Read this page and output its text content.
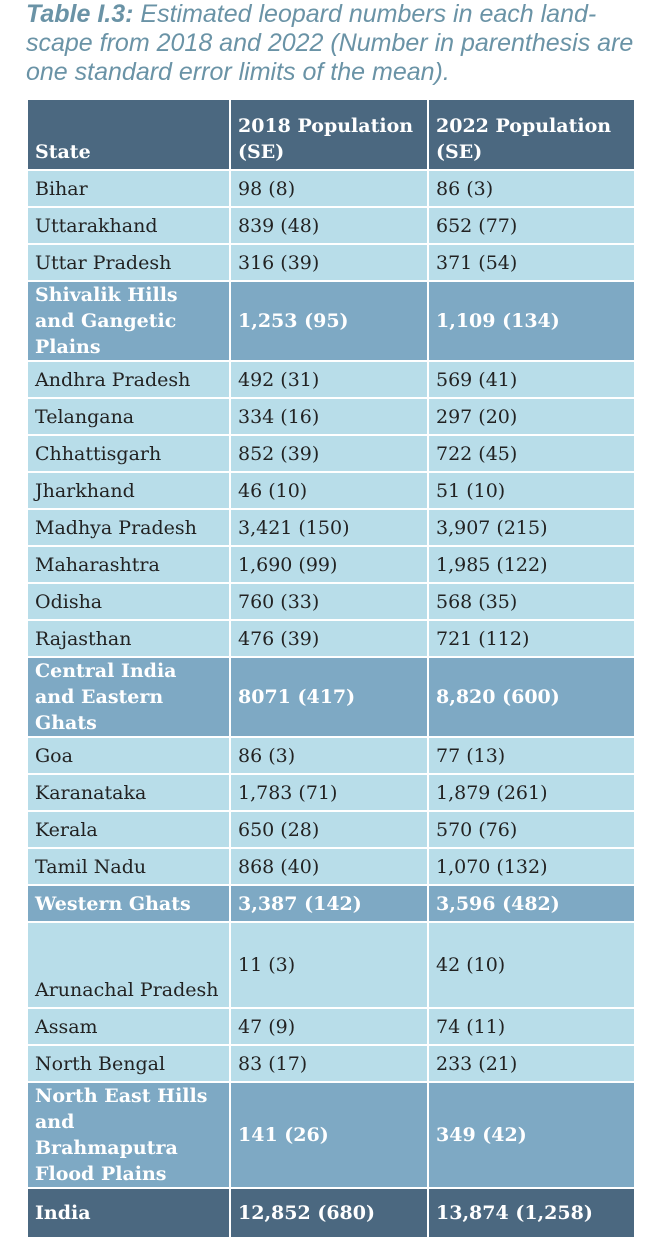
Table I.3: Estimated leopard numbers in each land-scape from 2018 and 2022 (Number in parenthesis are one standard error limits of the mean).

State	2018 Population (SE)	2022 Population (SE)
Bihar	98 (8)	86 (3)
Uttarakhand	839 (48)	652 (77)
Uttar Pradesh	316 (39)	371 (54)
Shivalik Hills and Gangetic Plains	1,253 (95)	1,109 (134)
Andhra Pradesh	492 (31)	569 (41)
Telangana	334 (16)	297 (20)
Chhattisgarh	852 (39)	722 (45)
Jharkhand	46 (10)	51 (10)
Madhya Pradesh	3,421 (150)	3,907 (215)
Maharashtra	1,690 (99)	1,985 (122)
Odisha	760 (33)	568 (35)
Rajasthan	476 (39)	721 (112)
Central India and Eastern Ghats	8071 (417)	8,820 (600)
Goa	86 (3)	77 (13)
Karanataka	1,783 (71)	1,879 (261)
Kerala	650 (28)	570 (76)
Tamil Nadu	868 (40)	1,070 (132)
Western Ghats	3,387 (142)	3,596 (482)
Arunachal Pradesh	11 (3)	42 (10)
Assam	47 (9)	74 (11)
North Bengal	83 (17)	233 (21)
North East Hills and Brahmaputra Flood Plains	141 (26)	349 (42)
India	12,852 (680)	13,874 (1,258)
